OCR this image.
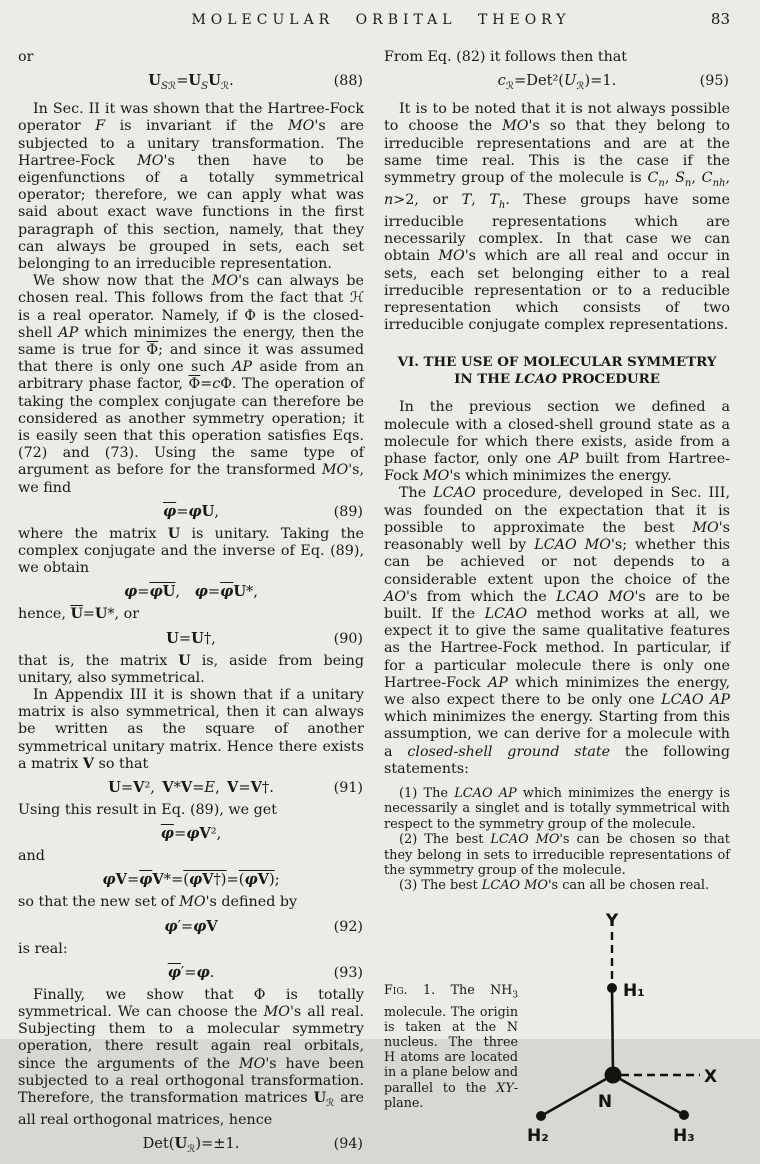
MOLECULAR ORBITAL THEORY	83

or

$U_{Sℛ}=U_SU_ℛ$.	(88)

In Sec. II it was shown that the Hartree-Fock operator F is invariant if the MO's are subjected to a unitary transformation. The Hartree-Fock MO's then have to be eigenfunctions of a totally symmetrical operator; therefore, we can apply what was said about exact wave functions in the first paragraph of this section, namely, that they can always be grouped in sets, each set belonging to an irreducible representation.

We show now that the MO's can always be chosen real. This follows from the fact that ℋ is a real operator. Namely, if Φ is the closed-shell AP which minimizes the energy, then the same is true for $\overline{\Phi}$; and since it was assumed that there is only one such AP aside from an arbitrary phase factor, $\overline{\Phi}=c\Phi$. The operation of taking the complex conjugate can therefore be considered as another symmetry operation; it is easily seen that this operation satisfies Eqs. (72) and (73). Using the same type of argument as before for the transformed MO's, we find

$\overline{\varphi}=\varphi U$,	(89)

where the matrix U is unitary. Taking the complex conjugate and the inverse of Eq. (89), we obtain

$\varphi=\overline{\varphi}\overline{U}$,  $\varphi=\overline{\varphi}U*$,

hence, $\overline{U}=U*$, or

U=U†,	(90)

that is, the matrix U is, aside from being unitary, also symmetrical.

In Appendix III it is shown that if a unitary matrix is also symmetrical, then it can always be written as the square of another symmetrical unitary matrix. Hence there exists a matrix V so that

U=V², V*V=E, V=V†.	(91)

Using this result in Eq. (89), we get

$\overline{\varphi}=\varphi V^2$,

and

$\varphi V=\overline{\varphi}V*=(\varphi V\dagger)=(\varphi V)$;

so that the new set of MO's defined by

φ′=φV	(92)

is real:

$\overline{\varphi}'=\varphi$.	(93)

Finally, we show that Φ is totally symmetrical. We can choose the MO's all real. Subjecting them to a molecular symmetry operation, there result again real orbitals, since the arguments of the MO's have been subjected to a real orthogonal transformation. Therefore, the transformation matrices $U_ℛ$ are all real orthogonal matrices, hence

$Det(U_ℛ)=\pm 1$.	(94)

From Eq. (82) it follows then that

$c_ℛ=Det^2(U_ℛ)=1$.	(95)

It is to be noted that it is not always possible to choose the MO's so that they belong to irreducible representations and are at the same time real. This is the case if the symmetry group of the molecule is $C_n$, $S_n$, $C_{nh}$, n>2, or T, $T_h$. These groups have some irreducible representations which are necessarily complex. In that case we can obtain MO's which are all real and occur in sets, each set belonging either to a real irreducible representation or to a reducible representation which consists of two irreducible conjugate complex representations.

VI. THE USE OF MOLECULAR SYMMETRY
IN THE LCAO PROCEDURE

In the previous section we defined a molecule with a closed-shell ground state as a molecule for which there exists, aside from a phase factor, only one AP built from Hartree-Fock MO's which minimizes the energy.

The LCAO procedure, developed in Sec. III, was founded on the expectation that it is possible to approximate the best MO's reasonably well by LCAO MO's; whether this can be achieved or not depends to a considerable extent upon the choice of the AO's from which the LCAO MO's are to be built. If the LCAO method works at all, we expect it to give the same qualitative features as the Hartree-Fock method. In particular, if for a particular molecule there is only one Hartree-Fock AP which minimizes the energy, we also expect there to be only one LCAO AP which minimizes the energy. Starting from this assumption, we can derive for a molecule with a closed-shell ground state the following statements:

(1) The LCAO AP which minimizes the energy is necessarily a singlet and is totally symmetrical with respect to the symmetry group of the molecule.

(2) The best LCAO MO's can be chosen so that they belong in sets to irreducible representations of the symmetry group of the molecule.

(3) The best LCAO MO's can all be chosen real.

Fig. 1. The $NH_3$ molecule. The origin is taken at the N nucleus. The three H atoms are located in a plane below and parallel to the XY-plane.
Y
H₁
X
N
H₂	H₃
